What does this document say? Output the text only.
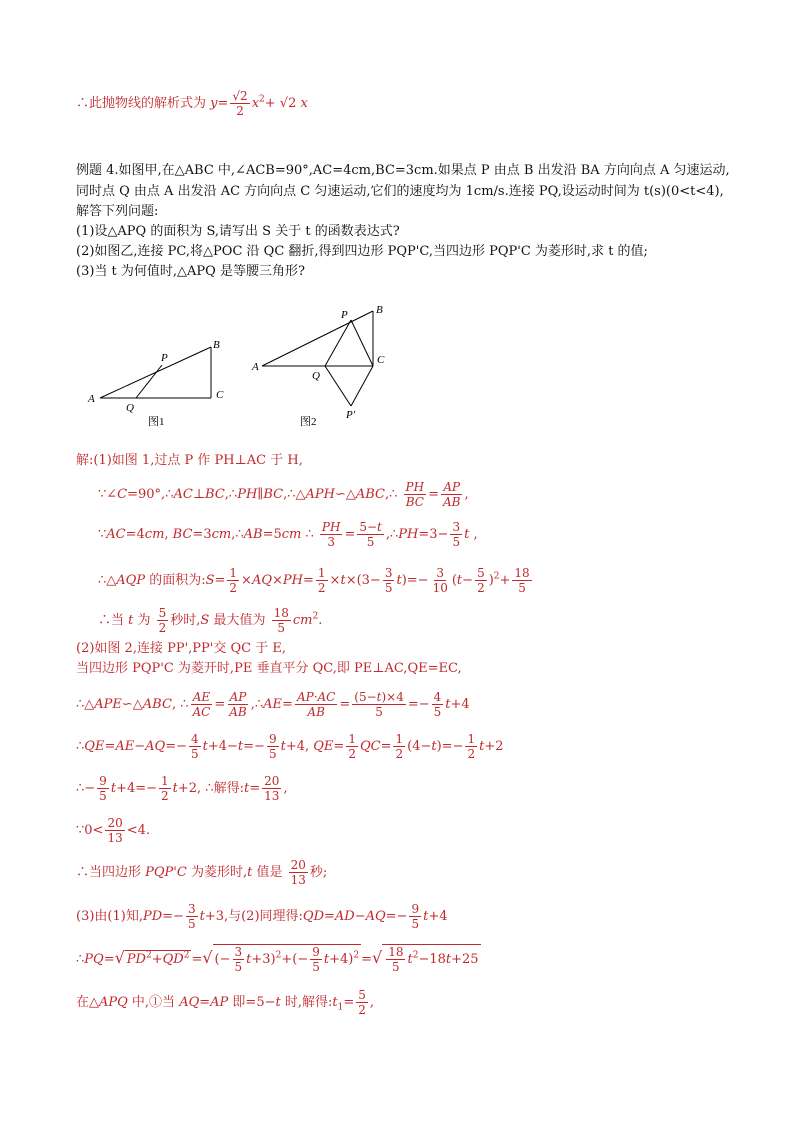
∴此抛物线的解析式为 $y= \frac{√2}{2} x^2+ √2$ x
例题 4.如图甲,在△ABC 中,∠ACB=90°,AC=4cm,BC=3cm.如果点 P 由点 B 出发沿 BA 方向向点 A 匀速运动,
同时点 Q 由点 A 出发沿 AC 方向向点 C 匀速运动,它们的速度均为 1cm/s.连接 PQ,设运动时间为 t(s)(0<t<4),
解答下列问题:
(1)设△APQ 的面积为 S,请写出 S 关于 t 的函数表达式?
(2)如图乙,连接 PC,将△POC 沿 QC 翻折,得到四边形 PQP'C,当四边形 PQP'C 为菱形时,求 t 的值;
(3)当 t 为何值时,△APQ 是等腰三角形?
A
B
C
P
Q
图1
A
B
C
P
Q
P'
图2
解:(1)如图 1,过点 P 作 PH⊥AC 于 H,
∵∠C=90°,∴AC⊥BC,∴PH∥BC,∴△APH∽△ABC,∴ $\frac{PH}{BC} = \frac{AP}{AB}$ ,
∵AC=4cm, BC=3cm,∴AB=5cm ∴ $\frac{PH}{3} = \frac{5-t}{5}$ ,∴PH=3− $\frac{3}{5}$ t ,
∴△AQP 的面积为:S= $\frac{1}{2} \times AQ\times PH= \frac{1}{2} \times t\times(3- \frac{3}{5} t)=- \frac{3}{10} (t- \frac{5}{2} )^2+ \frac{18}{5}$
∴当 t 为 $\frac{5}{2}$ 秒时,S 最大值为 $\frac{18}{5} cm^2$.
(2)如图 2,连接 PP',PP'交 QC 于 E,
当四边形 PQP'C 为菱开时,PE 垂直平分 QC,即 PE⊥AC,QE=EC,
∴△APE∽△ABC, ∴ $\frac{AE}{AC} = \frac{AP}{AB}$ ,∴AE= $\frac{AP\cdot AC}{AB} = \frac{(5-t)\times 4}{5} =- \frac{4}{5} t+4$
∴QE=AE−AQ=− $\frac{4}{5} t+4-t=- \frac{9}{5} t+4$, $QE= \frac{1}{2} QC= \frac{1}{2} (4-t)=- \frac{1}{2} t+2$
∴− $\frac{9}{5} t+4=- \frac{1}{2} t+2$, ∴解得:t= $\frac{20}{13}$ ,
∵0< $\frac{20}{13} <4$.
∴当四边形 PQP'C 为菱形时,t 值是 $\frac{20}{13}$ 秒;
(3)由(1)知$,PD=- \frac{3}{5} t+3$,与(2)同理得:QD=AD−AQ=− $\frac{9}{5} t+4$
∴PQ=√ $PD^2+QD^2$ =√ (− $\frac{3}{5} t+3)^2+(- \frac{9}{5} t+4)^2$ =√ $\frac{18}{5} t^2-18t+25$
在△APQ 中,①当 AQ=AP 即=5−t 时,解得$:t_1= \frac{5}{2}$ ,
